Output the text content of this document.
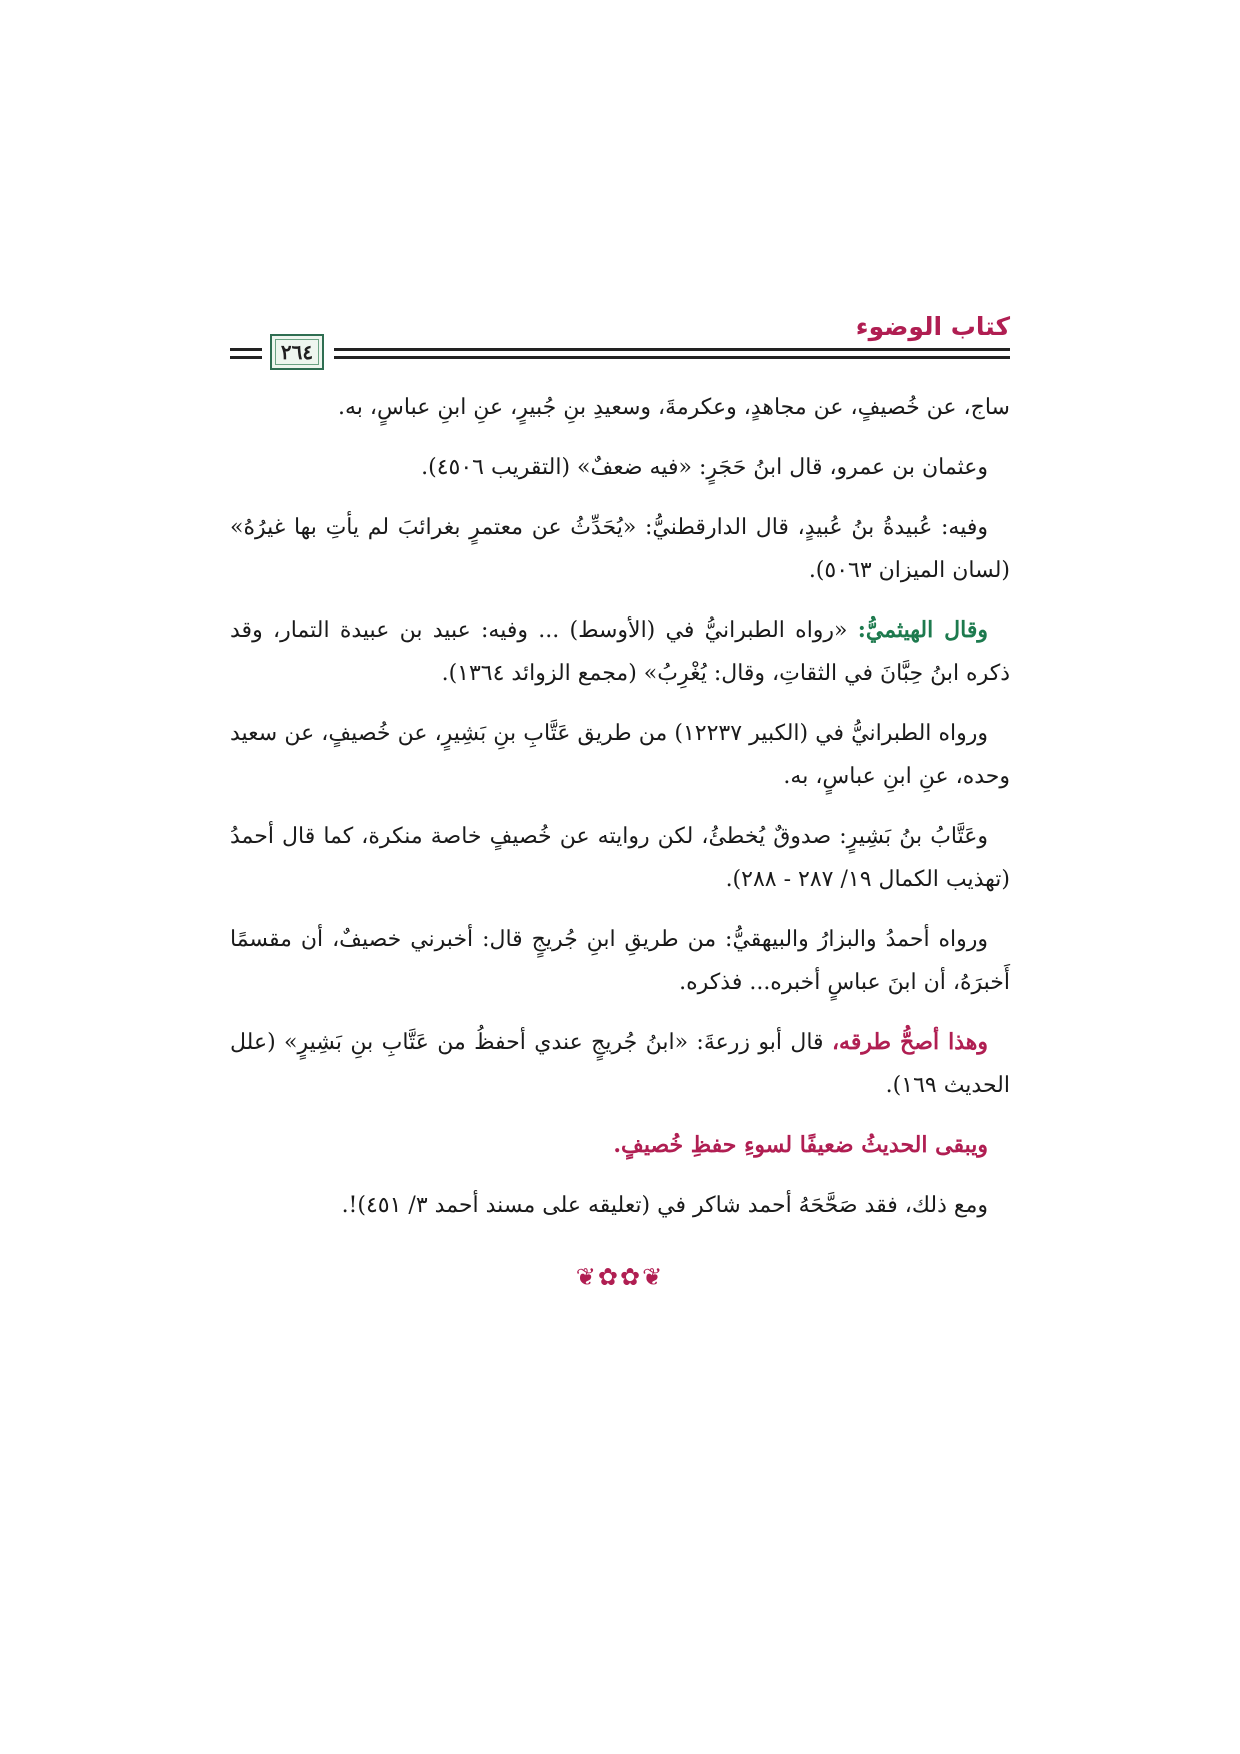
كتاب الوضوء
٢٦٤

ساج، عن خُصيفٍ، عن مجاهدٍ، وعكرمةَ، وسعيدِ بنِ جُبيرٍ، عنِ ابنِ عباسٍ، به.

وعثمان بن عمرو، قال ابنُ حَجَرٍ: «فيه ضعفٌ» (التقريب ٤٥٠٦).

وفيه: عُبيدةُ بنُ عُبيدٍ، قال الدارقطنيُّ: «يُحَدِّثُ عن معتمرٍ بغرائبَ لم يأتِ بها غيرُهُ» (لسان الميزان ٥٠٦٣).

وقال الهيثميُّ: «رواه الطبرانيُّ في (الأوسط) ... وفيه: عبيد بن عبيدة التمار، وقد ذكره ابنُ حِبَّانَ في الثقاتِ، وقال: يُغْرِبُ» (مجمع الزوائد ١٣٦٤).

ورواه الطبرانيُّ في (الكبير ١٢٢٣٧) من طريق عَتَّابِ بنِ بَشِيرٍ، عن خُصيفٍ، عن سعيد وحده، عنِ ابنِ عباسٍ، به.

وعَتَّابُ بنُ بَشِيرٍ: صدوقٌ يُخطئُ، لكن روايته عن خُصيفٍ خاصة منكرة، كما قال أحمدُ (تهذيب الكمال ١٩/ ٢٨٧ - ٢٨٨).

ورواه أحمدُ والبزارُ والبيهقيُّ: من طريقِ ابنِ جُريجٍ قال: أخبرني خصيفٌ، أن مقسمًا أَخبرَهُ، أن ابنَ عباسٍ أخبره... فذكره.

وهذا أصحُّ طرقه، قال أبو زرعةَ: «ابنُ جُريجٍ عندي أحفظُ من عَتَّابِ بنِ بَشِيرٍ» (علل الحديث ١٦٩).

ويبقى الحديثُ ضعيفًا لسوءِ حفظِ خُصيفٍ.

ومع ذلك، فقد صَحَّحَهُ أحمد شاكر في (تعليقه على مسند أحمد ٣/ ٤٥١)!.

❦✿✿❦
